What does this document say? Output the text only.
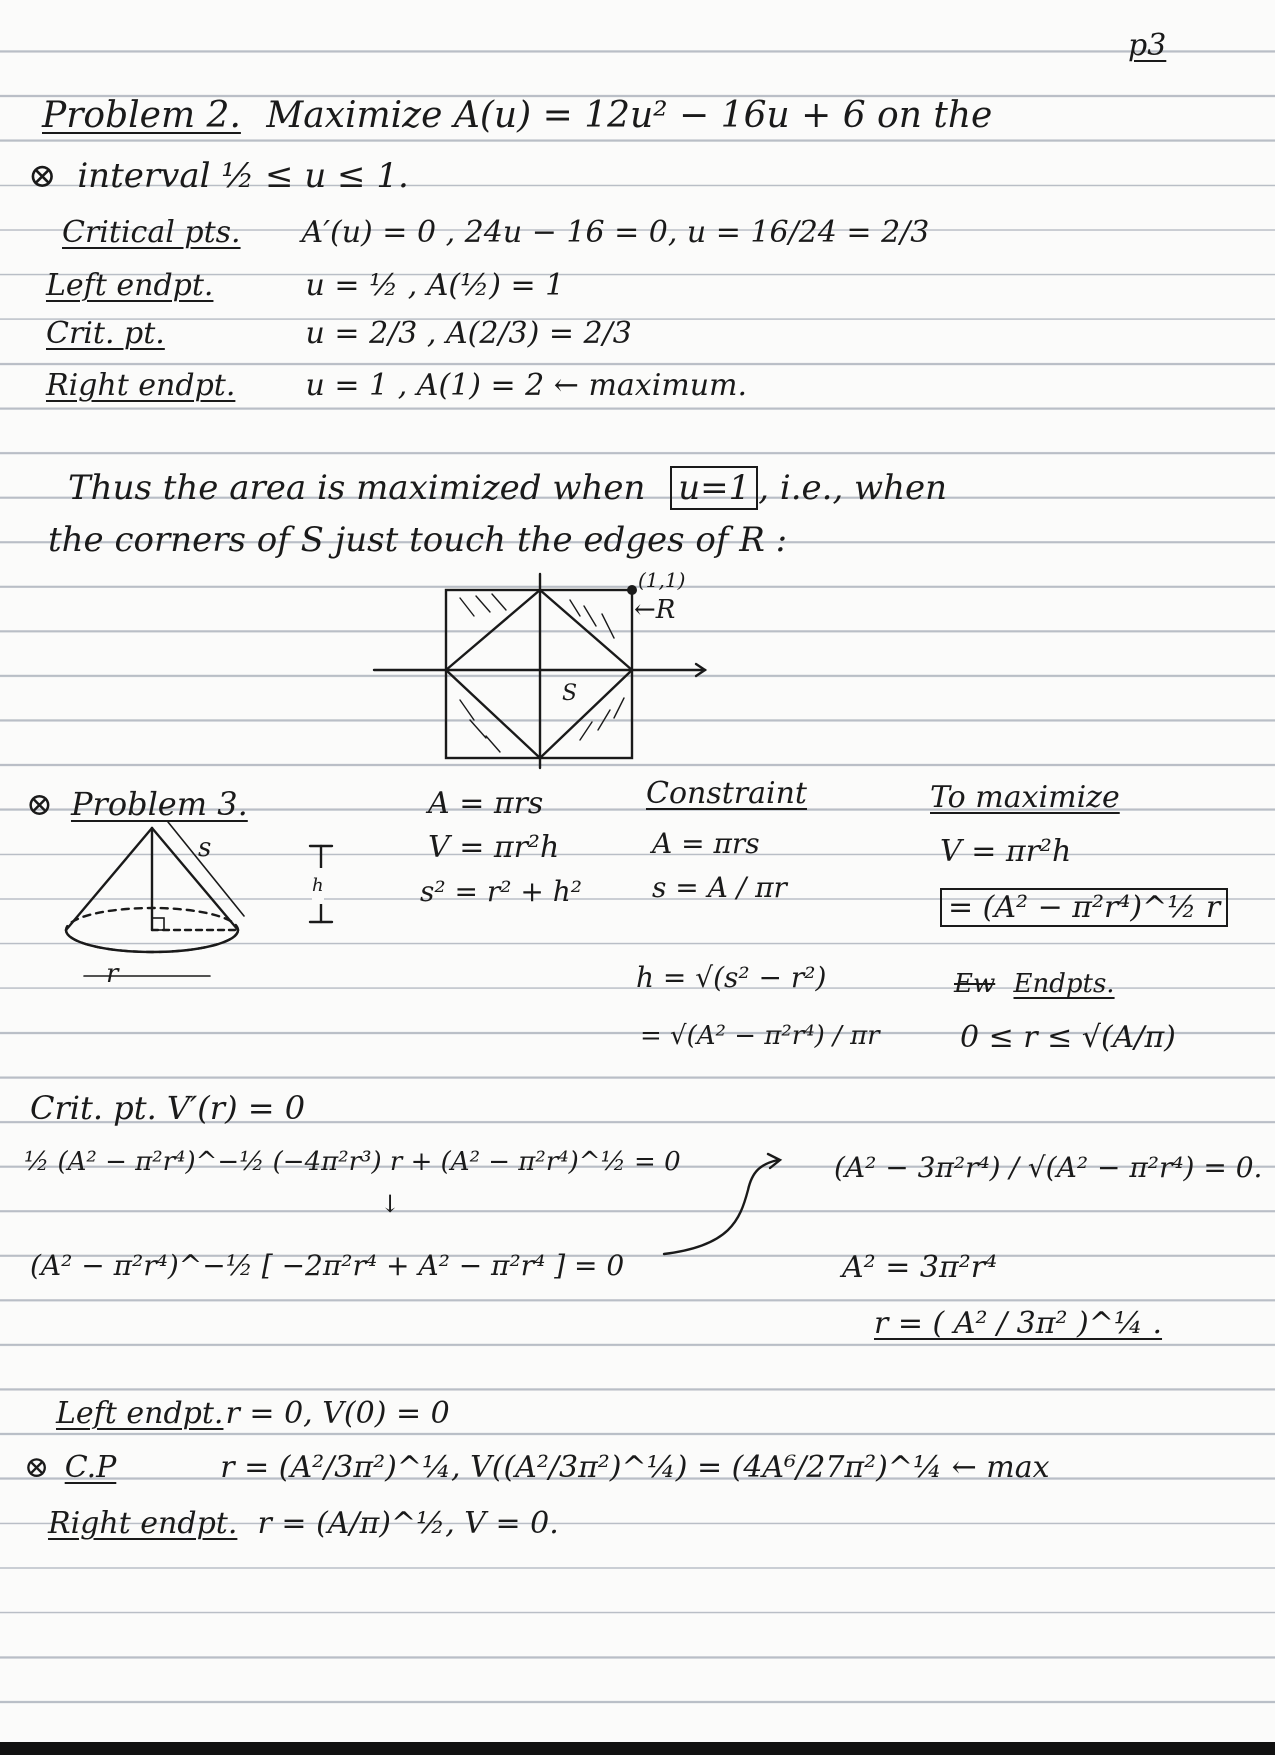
p3
Problem 2. Maximize A(u) = 12u² − 16u + 6 on the
⊗ interval ½ ≤ u ≤ 1.
Critical pts. A′(u) = 0 , 24u − 16 = 0, u = 16/24 = 2/3
Left endpt.	u = ½ , A(½) = 1
Crit. pt.	u = 2/3 , A(2/3) = 2/3
Right endpt. u = 1 , A(1) = 2 ← maximum.
Thus the area is maximized when u=1 , i.e., when
the corners of S just touch the edges of R :
(1,1)
←R
S
⊗ Problem 3.
s
r
h
A = πrs
V = πr²h
s² = r² + h²
Constraint
A = πrs
s = A / πr
h = √(s² − r²)
= √(A² − π²r⁴) / πr
To maximize
V = πr²h
= (A² − π²r⁴)^½ r
Ew Endpts.
0 ≤ r ≤ √(A/π)
Crit. pt. V′(r) = 0
½ (A² − π²r⁴)^−½ (−4π²r³) r + (A² − π²r⁴)^½ = 0
↓
(A² − π²r⁴)^−½ [ −2π²r⁴ + A² − π²r⁴ ] = 0
(A² − 3π²r⁴) / √(A² − π²r⁴) = 0.
A² = 3π²r⁴
r = ( A² / 3π² )^¼ .
Left endpt. r = 0, V(0) = 0
⊗ C.P	r = (A²/3π²)^¼, V((A²/3π²)^¼) = (4A⁶/27π²)^¼ ← max
Right endpt. r = (A/π)^½, V = 0.
